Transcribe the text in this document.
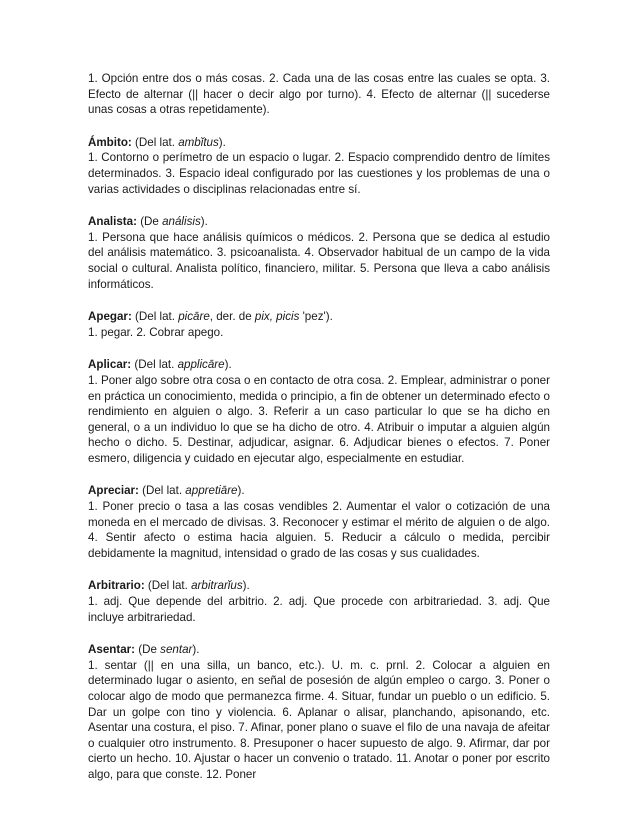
1. Opción entre dos o más cosas. 2. Cada una de las cosas entre las cuales se opta. 3. Efecto de alternar (|| hacer o decir algo por turno). 4. Efecto de alternar (|| sucederse unas cosas a otras repetidamente).

Ámbito: (Del lat. ambĭtus).

1. Contorno o perímetro de un espacio o lugar. 2. Espacio comprendido dentro de límites determinados. 3. Espacio ideal configurado por las cuestiones y los problemas de una o varias actividades o disciplinas relacionadas entre sí.

Analista: (De análisis).

1. Persona que hace análisis químicos o médicos. 2. Persona que se dedica al estudio del análisis matemático. 3. psicoanalista. 4. Observador habitual de un campo de la vida social o cultural. Analista político, financiero, militar. 5. Persona que lleva a cabo análisis informáticos.

Apegar: (Del lat. picāre, der. de pix, picis 'pez').

1. pegar. 2. Cobrar apego.

Aplicar: (Del lat. applicāre).

1. Poner algo sobre otra cosa o en contacto de otra cosa. 2. Emplear, administrar o poner en práctica un conocimiento, medida o principio, a fin de obtener un determinado efecto o rendimiento en alguien o algo. 3. Referir a un caso particular lo que se ha dicho en general, o a un individuo lo que se ha dicho de otro. 4. Atribuir o imputar a alguien algún hecho o dicho. 5. Destinar, adjudicar, asignar. 6. Adjudicar bienes o efectos. 7. Poner esmero, diligencia y cuidado en ejecutar algo, especialmente en estudiar.

Apreciar: (Del lat. appretiāre).

1. Poner precio o tasa a las cosas vendibles 2. Aumentar el valor o cotización de una moneda en el mercado de divisas. 3. Reconocer y estimar el mérito de alguien o de algo. 4. Sentir afecto o estima hacia alguien. 5. Reducir a cálculo o medida, percibir debidamente la magnitud, intensidad o grado de las cosas y sus cualidades.

Arbitrario: (Del lat. arbitrarĭus).

1. adj. Que depende del arbitrio. 2. adj. Que procede con arbitrariedad. 3. adj. Que incluye arbitrariedad.

Asentar: (De sentar).

1. sentar (|| en una silla, un banco, etc.). U. m. c. prnl. 2. Colocar a alguien en determinado lugar o asiento, en señal de posesión de algún empleo o cargo. 3. Poner o colocar algo de modo que permanezca firme. 4. Situar, fundar un pueblo o un edificio. 5. Dar un golpe con tino y violencia. 6. Aplanar o alisar, planchando, apisonando, etc. Asentar una costura, el piso. 7. Afinar, poner plano o suave el filo de una navaja de afeitar o cualquier otro instrumento. 8. Presuponer o hacer supuesto de algo. 9. Afirmar, dar por cierto un hecho. 10. Ajustar o hacer un convenio o tratado. 11. Anotar o poner por escrito algo, para que conste. 12. Poner
